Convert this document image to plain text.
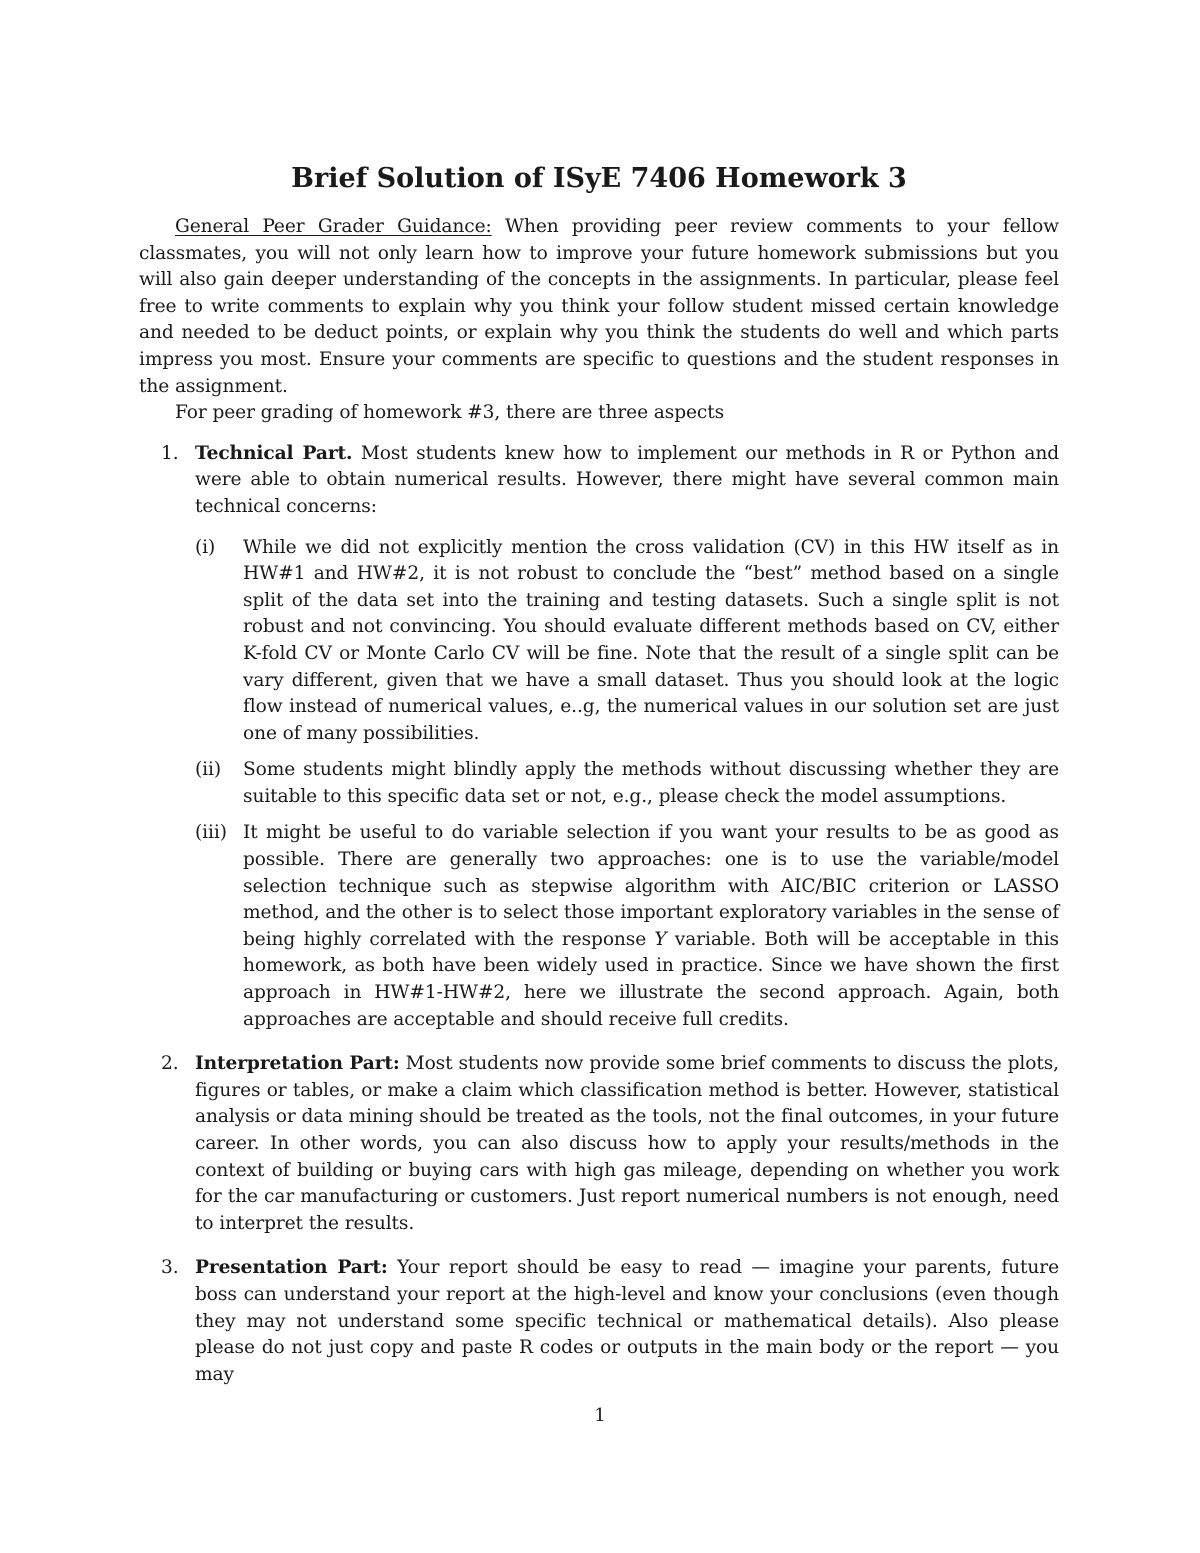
Brief Solution of ISyE 7406 Homework 3

General Peer Grader Guidance: When providing peer review comments to your fellow classmates, you will not only learn how to improve your future homework submissions but you will also gain deeper understanding of the concepts in the assignments. In particular, please feel free to write comments to explain why you think your follow student missed certain knowledge and needed to be deduct points, or explain why you think the students do well and which parts impress you most. Ensure your comments are specific to questions and the student responses in the assignment.

For peer grading of homework #3, there are three aspects

1. Technical Part. Most students knew how to implement our methods in R or Python and were able to obtain numerical results. However, there might have several common main technical concerns:
(i) While we did not explicitly mention the cross validation (CV) in this HW itself as in HW#1 and HW#2, it is not robust to conclude the “best” method based on a single split of the data set into the training and testing datasets. Such a single split is not robust and not convincing. You should evaluate different methods based on CV, either K-fold CV or Monte Carlo CV will be fine. Note that the result of a single split can be vary different, given that we have a small dataset. Thus you should look at the logic flow instead of numerical values, e..g, the numerical values in our solution set are just one of many possibilities.
(ii) Some students might blindly apply the methods without discussing whether they are suitable to this specific data set or not, e.g., please check the model assumptions.
(iii) It might be useful to do variable selection if you want your results to be as good as possible. There are generally two approaches: one is to use the variable/model selection technique such as stepwise algorithm with AIC/BIC criterion or LASSO method, and the other is to select those important exploratory variables in the sense of being highly correlated with the response Y variable. Both will be acceptable in this homework, as both have been widely used in practice. Since we have shown the first approach in HW#1-HW#2, here we illustrate the second approach. Again, both approaches are acceptable and should receive full credits.
2. Interpretation Part: Most students now provide some brief comments to discuss the plots, figures or tables, or make a claim which classification method is better. However, statistical analysis or data mining should be treated as the tools, not the final outcomes, in your future career. In other words, you can also discuss how to apply your results/methods in the context of building or buying cars with high gas mileage, depending on whether you work for the car manufacturing or customers. Just report numerical numbers is not enough, need to interpret the results.
3. Presentation Part: Your report should be easy to read — imagine your parents, future boss can understand your report at the high-level and know your conclusions (even though they may not understand some specific technical or mathematical details). Also please please do not just copy and paste R codes or outputs in the main body or the report — you may
1
